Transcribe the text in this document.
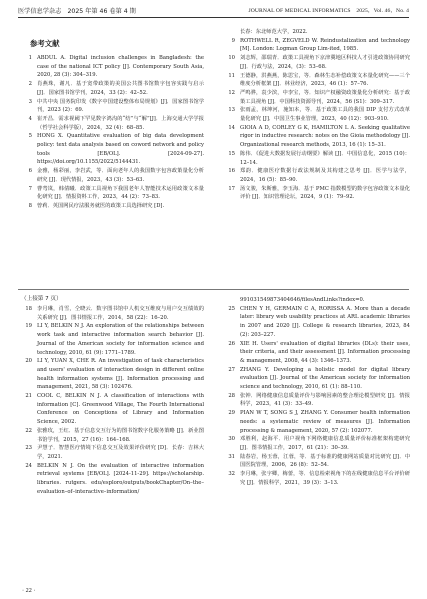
医学信息学杂志　2025 年第 46 卷第 4 期	JOURNAL OF MEDICAL INFORMATICS　2025，Vol. 46，No. 4
参考文献
1 ABDUL A. Digital inclusion challenges in Bangladesh: the case of the national ICT policy [J]. Contemporary South Asia, 2020, 28 (3): 304–319.
2 肖燕珠，谢凡．基于宽带政策的美国公共图书馆数字包容实践与启示 [J]．国家图书馆学刊，2024，33 (2)：42–52.
3 中共中央 国务院印发《数字中国建设整体布局规划》[J]．国家图书馆学刊，2023 (2)：69.
4 崔开昌．需求视阈下罕见数字鸿沟的“结”与“解”[J]．上海交通大学学报（哲学社会科学版），2024，32 (4)：68–85.
5 HONG X. Quantitative evaluation of big data development policy: text data analysis based on coword network and policy tools [EB/OL]. [2024-09-27]. https://doi.org/10.1155/2022/5144431.
6 金雅，杨彩丽，李岩武，等．面向老年人的我国数字包容政策量化分析研究 [J]．现代情报，2023，43 (3)：53–63.
7 曹弯岚，韩倩曦．政策工具视角下我国老年人智能技术运用政策文本量化研究 [J]．情报资料工作，2023，44 (2)：73–83.
8 曾莉．英国网民疗法服务就医的政策工具选择研究 [D].
长春：东北师范大学，2022.
9 ROTHWELL R, ZEGVELD W. Reindustalization and technology [M]. London: Logman Group Lim-ited, 1985.
10 刘志辉，邵瑞青．政策工具视角下京津冀地区科技人才引进政策协同研究 [J]．行政与法，2024，(3)：53–68.
11 王德静，洪燕燕，陈思宝，等．森林生态补偿政策文本量化研究——三个维度分析框架 [J]．林业经济，2023，46 (1)：57–76.
12 严鸣骅，袁少滨，中李宝，等．知识产权融资政策量化分析研究：基于政策工具视角 [J]．中国科技资源导刊，2024，56 (S1)：309–317.
13 张雨孟，林坤河，施知本，等．基于政策工具的我国 DIP 支付方式改革量化研究 [J]．中国卫生事业管理，2023，40 (12)：903–910.
14 GIOIA A D, CORLEY G K, HAMILTON L A. Seeking qualitative rigor in inductive research: notes on the Gioia methodology [J]. Organizational research methods, 2013, 16 (1): 15–31.
15 陈伟．《促进大数据发展行动纲要》解读 [J]．中国信息化，2015 (10)：12–14.
16 郑韵．健康医疗数据行政法规制及其构建之思考 [J]．医学与法学，2024，16 (5)：85–90.
17 汤文骏，朱斯雅，李玉海．基于 PMC 指数模型的数字包容政策文本量化评价 [J]．知识管理论坛，2024，9 (1)：79–92.
（上接第 7 页）
18 李月琳，肖雪，仝晓云．数字图书馆中人机交互维度与用户交互绩效的关系研究 [J]．图书情报工作，2014，58 (22)：16–20.
19 LI Y, BELKIN N J. An exploration of the relationships between work task and interactive information search behavior [J]. Journal of the American society for information science and technology, 2010, 61 (9): 1771–1789.
20 LI Y, YUAN X, CHE R. An investigation of task characteristics and users' evaluation of interaction design in different online health information systems [J]. Information processing and management, 2021, 58 (3): 102476.
21 COOL C, BELKIN N J. A classification of interactions with information [C]. Greenwood Village, The Fourth International Conference on Conceptions of Library and Information Science, 2002.
22 张雅玫，王红．基于信息交互行为的图书馆数字化服务策略 [J]．新业图书馆学刊，2015，27 (16)：164–168.
23 尹慧子．智慧医疗情境下信息交互及效果评价研究 [D]．长春：吉林大学，2021.
24 BELKIN N J. On the evaluation of interactive information retrieval systems [EB/OL]. [2024-11-29]. https://scholarship. libraries. rutgers. edu/esploro/outputs/bookChapter/On–the–evaluation–of–interactive–information/
991031549873404646/filesAndLinks?index=0.
25 CHEN Y H, GERMAIN C A, RORISSA A. More than a decade later: library web usability practices at ARL academic libraries in 2007 and 2020 [J]. College & research libraries, 2023, 84 (2): 203–227.
26 XIE H. Users' evaluation of digital libraries (DLs): their uses, their criteria, and their assessment [J]. Information processing & management, 2008, 44 (3): 1346–1373.
27 ZHANG Y. Developing a holistic model for digital library evaluation [J]. Journal of the American society for information science and technology, 2010, 61 (1): 88–110.
28 张钟．网络健康信息质量评价与影响因素的整合理论模型研究 [J]．情报科学，2023，41 (3)：33–49.
29 PIAN W T, SONG S J, ZHANG Y. Consumer health information needs: a systematic review of measures [J]. Information processing & management, 2020, 57 (2): 102077.
30 邓胜利，赵海平．用户视角下网络健康信息质量评价标准框架构建研究 [J]．图书情报工作，2017，61 (21)：30–39.
31 陆春岩，杨玉蓉，江蓉，等．基于标准的健康网站质量对比研究 [J]．中国医院管理，2006，26 (8)：52–54.
32 李月琳，张宇卿，梅蕾，等．信息检索视角下的在线健康信息平台评价研究 [J]．情报科学，2021，39 (3)：3–13.
· 22 ·
